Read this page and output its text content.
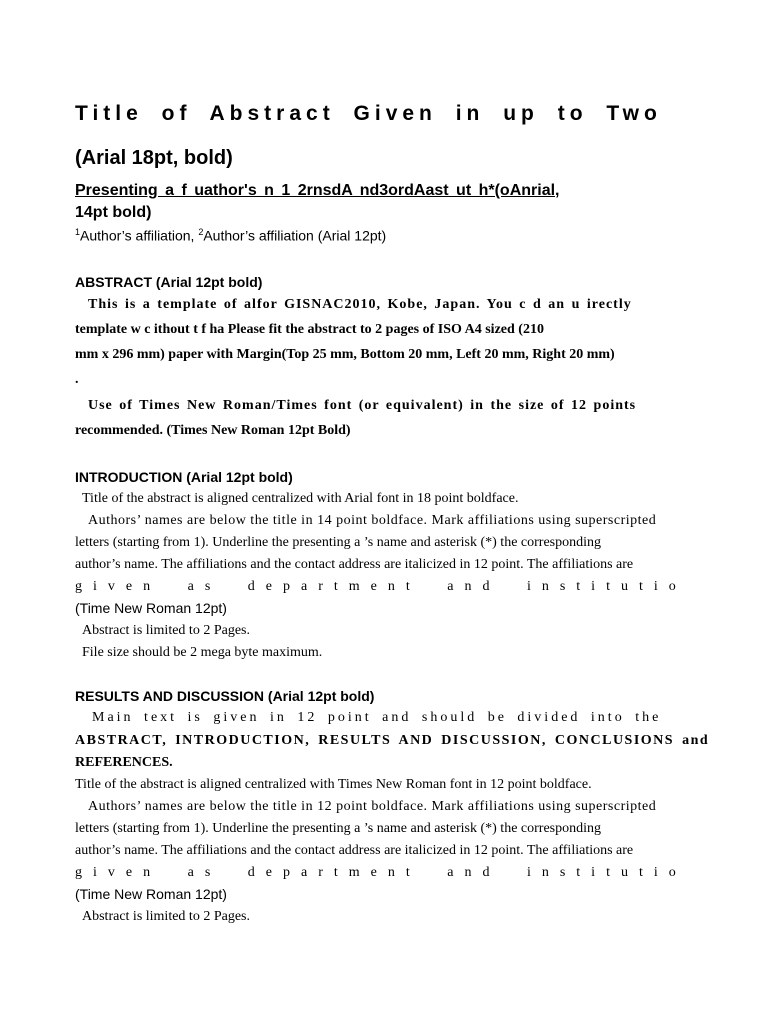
Title of Abstract Given in up to Two
(Arial 18pt, bold)
Presenting a f uathor's n 1 2rnsdA nd3ordAast ut h*(oAnrial,
14pt bold)
$^1$Author’s affiliation, $^2$Author’s affiliation (Arial 12pt)
ABSTRACT (Arial 12pt bold)
This is a template of alfor GISNAC2010, Kobe, Japan. You c d an u irectly
template w c ithout t f ha Please fit the abstract to 2 pages of ISO A4 sized (210
mm x 296 mm) paper with Margin(Top 25 mm, Bottom 20 mm, Left 20 mm, Right 20 mm)
.
Use of Times New Roman/Times font (or equivalent) in the size of 12 points
recommended. (Times New Roman 12pt Bold)
INTRODUCTION (Arial 12pt bold)
Title of the abstract is aligned centralized with Arial font in 18 point boldface.
Authors’ names are below the title in 14 point boldface. Mark affiliations using superscripted
letters (starting from 1). Underline the presenting a ’s name and asterisk (*) the corresponding
author’s name. The affiliations and the contact address are italicized in 12 point. The affiliations are
given as department and institutio
(Time New Roman 12pt)
Abstract is limited to 2 Pages.
File size should be 2 mega byte maximum.
RESULTS AND DISCUSSION (Arial 12pt bold)
Main text is given in 12 point and should be divided into the
ABSTRACT, INTRODUCTION, RESULTS AND DISCUSSION, CONCLUSIONS and
REFERENCES.
Title of the abstract is aligned centralized with Times New Roman font in 12 point boldface.
Authors’ names are below the title in 12 point boldface. Mark affiliations using superscripted
letters (starting from 1). Underline the presenting a ’s name and asterisk (*) the corresponding
author’s name. The affiliations and the contact address are italicized in 12 point. The affiliations are
given as department and institutio
(Time New Roman 12pt)
Abstract is limited to 2 Pages.
